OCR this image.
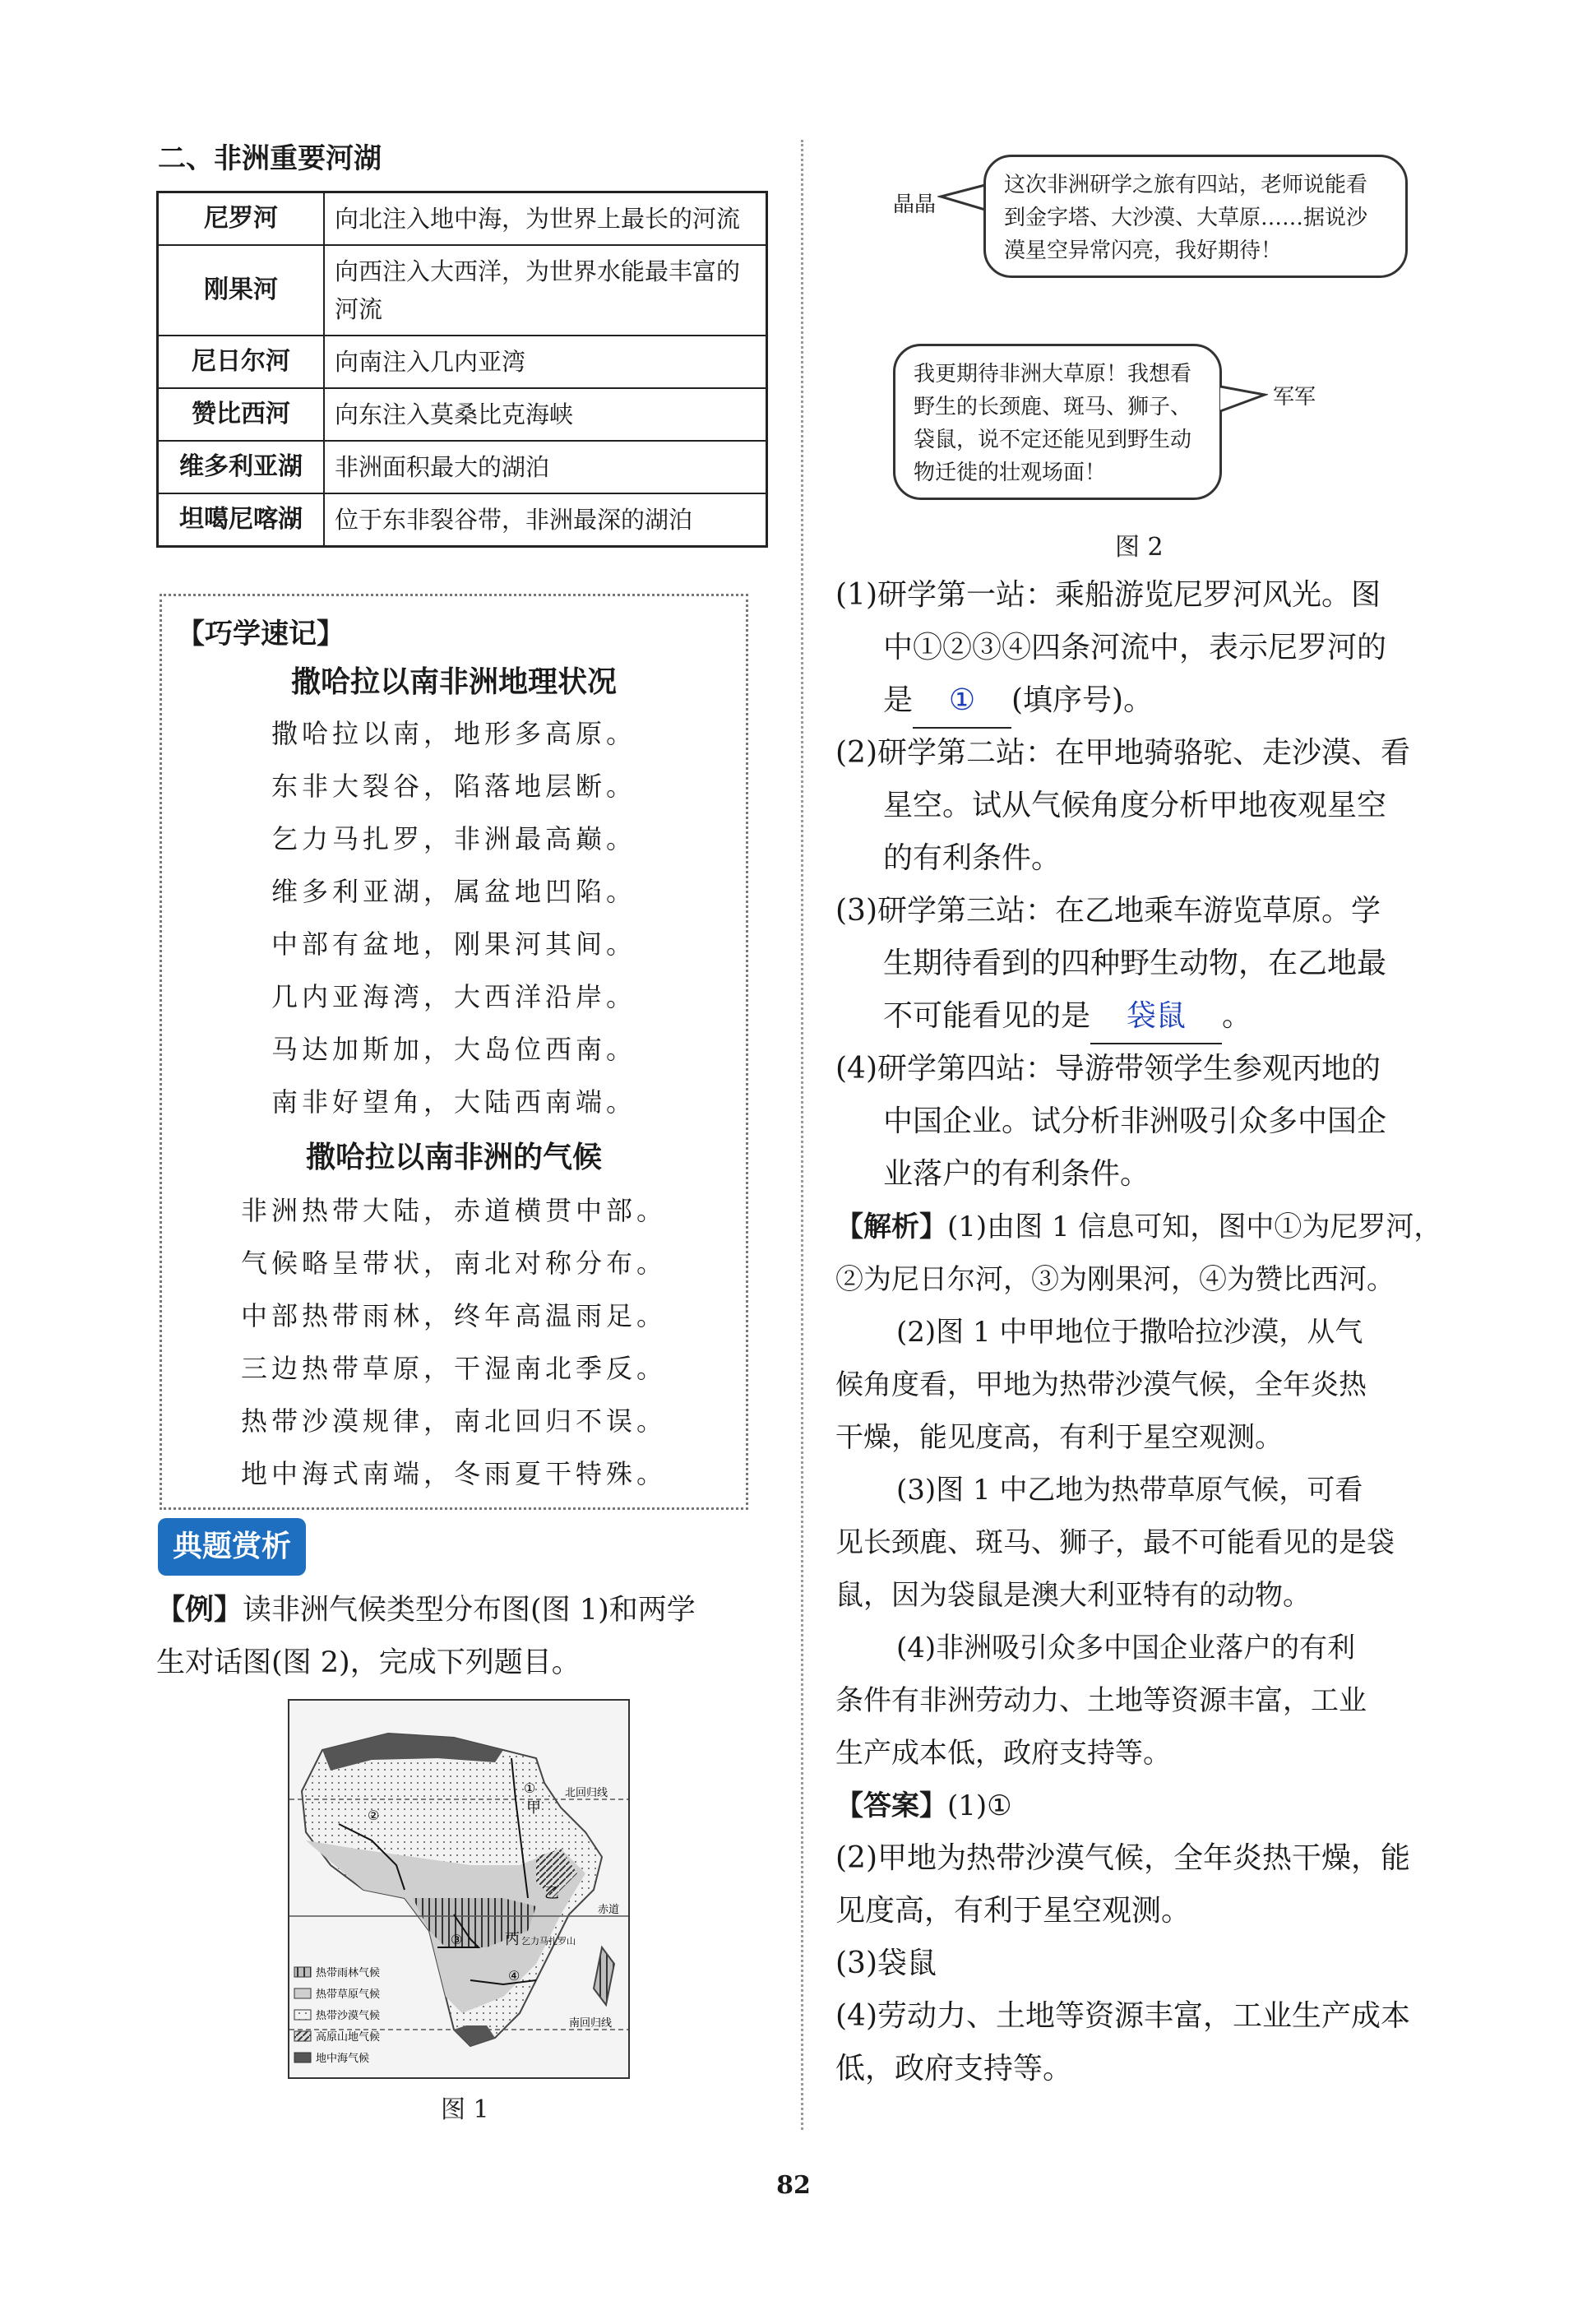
二、非洲重要河湖
尼罗河	向北注入地中海，为世界上最长的河流
刚果河	向西注入大西洋，为世界水能最丰富的河流
尼日尔河	向南注入几内亚湾
赞比西河	向东注入莫桑比克海峡
维多利亚湖	非洲面积最大的湖泊
坦噶尼喀湖	位于东非裂谷带，非洲最深的湖泊
【巧学速记】
撒哈拉以南非洲地理状况
撒哈拉以南，地形多高原。
东非大裂谷，陷落地层断。
乞力马扎罗，非洲最高巅。
维多利亚湖，属盆地凹陷。
中部有盆地，刚果河其间。
几内亚海湾，大西洋沿岸。
马达加斯加，大岛位西南。
南非好望角，大陆西南端。
撒哈拉以南非洲的气候
非洲热带大陆，赤道横贯中部。
气候略呈带状，南北对称分布。
中部热带雨林，终年高温雨足。
三边热带草原，干湿南北季反。
热带沙漠规律，南北回归不误。
地中海式南端，冬雨夏干特殊。
典题赏析
【例】读非洲气候类型分布图(图 1)和两学
生对话图(图 2)，完成下列题目。
①
甲
北回归线
②
乙
赤道
③	丙 乞力马扎罗山
④
南回归线
热带雨林气候
热带草原气候
热带沙漠气候
高原山地气候
地中海气候
图 1
晶晶
这次非洲研学之旅有四站，老师说能看到金字塔、大沙漠、大草原……据说沙漠星空异常闪亮，我好期待！
我更期待非洲大草原！我想看野生的长颈鹿、斑马、狮子、袋鼠，说不定还能见到野生动物迁徙的壮观场面！
军军
图 2
(1)研学第一站：乘船游览尼罗河风光。图
中①②③④四条河流中，表示尼罗河的
是 ① (填序号)。
(2)研学第二站：在甲地骑骆驼、走沙漠、看
星空。试从气候角度分析甲地夜观星空
的有利条件。
(3)研学第三站：在乙地乘车游览草原。学
生期待看到的四种野生动物，在乙地最
不可能看见的是 袋鼠 。
(4)研学第四站：导游带领学生参观丙地的
中国企业。试分析非洲吸引众多中国企
业落户的有利条件。
【解析】(1)由图 1 信息可知，图中①为尼罗河，
②为尼日尔河，③为刚果河，④为赞比西河。
(2)图 1 中甲地位于撒哈拉沙漠，从气
候角度看，甲地为热带沙漠气候，全年炎热
干燥，能见度高，有利于星空观测。
(3)图 1 中乙地为热带草原气候，可看
见长颈鹿、斑马、狮子，最不可能看见的是袋
鼠，因为袋鼠是澳大利亚特有的动物。
(4)非洲吸引众多中国企业落户的有利
条件有非洲劳动力、土地等资源丰富，工业
生产成本低，政府支持等。
【答案】(1)①
(2)甲地为热带沙漠气候，全年炎热干燥，能
见度高，有利于星空观测。
(3)袋鼠
(4)劳动力、土地等资源丰富，工业生产成本
低，政府支持等。
82
